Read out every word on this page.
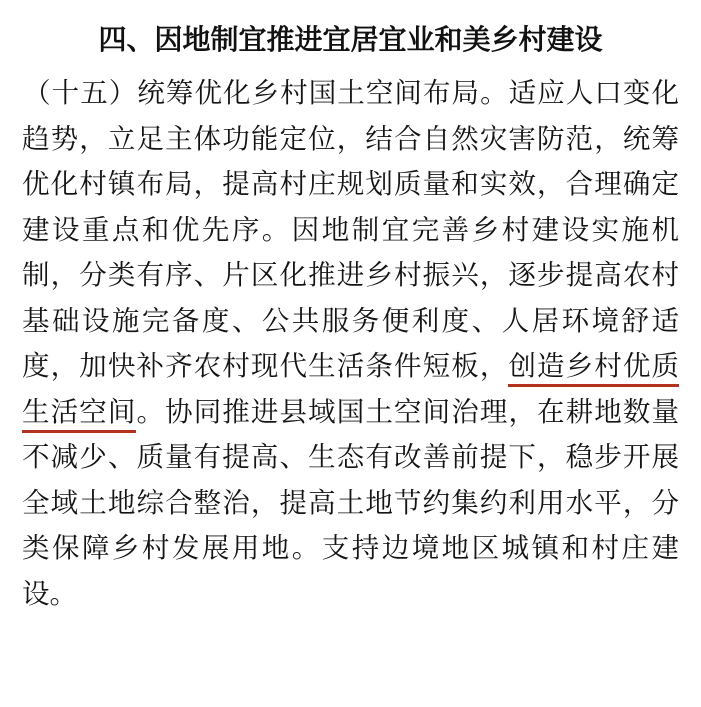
四、因地制宜推进宜居宜业和美乡村建设

（十五）统筹优化乡村国土空间布局。适应人口变化趋势，立足主体功能定位，结合自然灾害防范，统筹优化村镇布局，提高村庄规划质量和实效，合理确定建设重点和优先序。因地制宜完善乡村建设实施机制，分类有序、片区化推进乡村振兴，逐步提高农村基础设施完备度、公共服务便利度、人居环境舒适度，加快补齐农村现代生活条件短板，创造乡村优质生活空间。协同推进县域国土空间治理，在耕地数量不减少、质量有提高、生态有改善前提下，稳步开展全域土地综合整治，提高土地节约集约利用水平，分类保障乡村发展用地。支持边境地区城镇和村庄建设。
